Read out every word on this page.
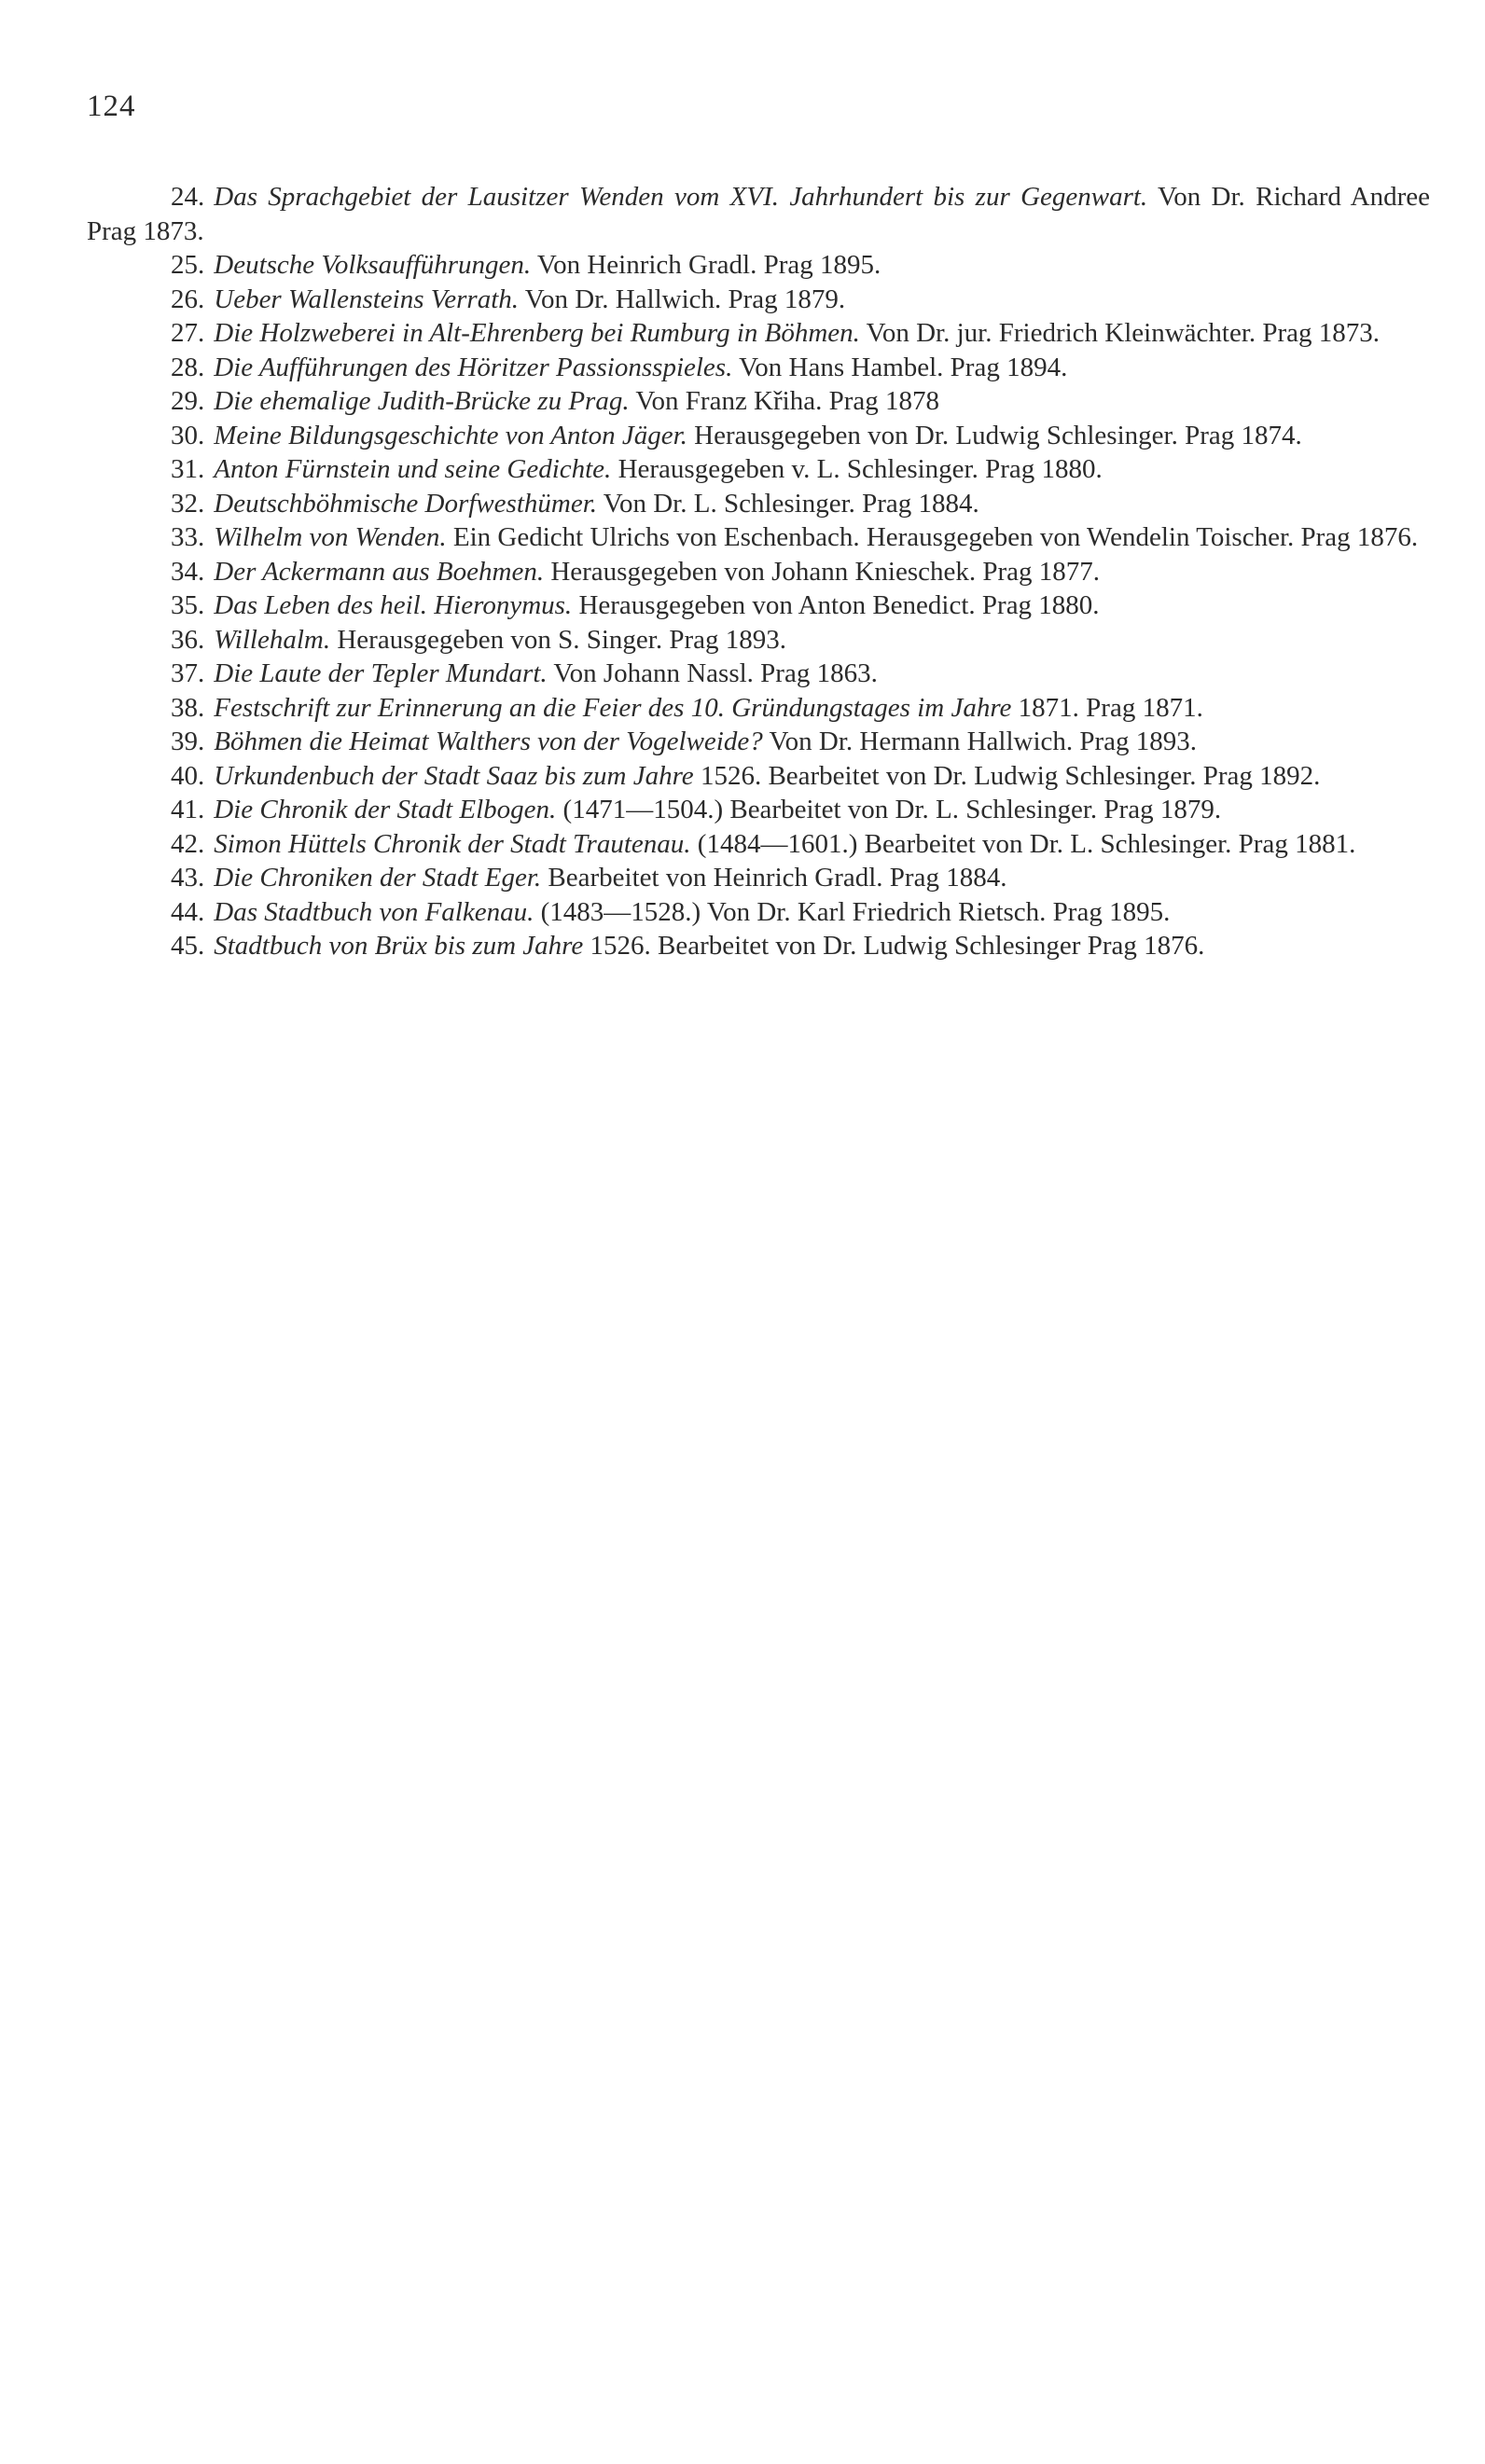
124

24. Das Sprachgebiet der Lausitzer Wenden vom XVI. Jahrhundert bis zur Gegenwart. Von Dr. Richard Andree Prag 1873.

25. Deutsche Volksaufführungen. Von Heinrich Gradl. Prag 1895.

26. Ueber Wallensteins Verrath. Von Dr. Hallwich. Prag 1879.

27. Die Holzweberei in Alt-Ehrenberg bei Rumburg in Böhmen. Von Dr. jur. Friedrich Kleinwächter. Prag 1873.

28. Die Aufführungen des Höritzer Passionsspieles. Von Hans Hambel. Prag 1894.

29. Die ehemalige Judith-Brücke zu Prag. Von Franz Křiha. Prag 1878

30. Meine Bildungsgeschichte von Anton Jäger. Herausgegeben von Dr. Ludwig Schlesinger. Prag 1874.

31. Anton Fürnstein und seine Gedichte. Herausgegeben v. L. Schlesinger. Prag 1880.

32. Deutschböhmische Dorfwesthümer. Von Dr. L. Schlesinger. Prag 1884.

33. Wilhelm von Wenden. Ein Gedicht Ulrichs von Eschenbach. Herausgegeben von Wendelin Toischer. Prag 1876.

34. Der Ackermann aus Boehmen. Herausgegeben von Johann Knieschek. Prag 1877.

35. Das Leben des heil. Hieronymus. Herausgegeben von Anton Benedict. Prag 1880.

36. Willehalm. Herausgegeben von S. Singer. Prag 1893.

37. Die Laute der Tepler Mundart. Von Johann Nassl. Prag 1863.

38. Festschrift zur Erinnerung an die Feier des 10. Gründungstages im Jahre 1871. Prag 1871.

39. Böhmen die Heimat Walthers von der Vogelweide? Von Dr. Hermann Hallwich. Prag 1893.

40. Urkundenbuch der Stadt Saaz bis zum Jahre 1526. Bearbeitet von Dr. Ludwig Schlesinger. Prag 1892.

41. Die Chronik der Stadt Elbogen. (1471—1504.) Bearbeitet von Dr. L. Schlesinger. Prag 1879.

42. Simon Hüttels Chronik der Stadt Trautenau. (1484—1601.) Bearbeitet von Dr. L. Schlesinger. Prag 1881.

43. Die Chroniken der Stadt Eger. Bearbeitet von Heinrich Gradl. Prag 1884.

44. Das Stadtbuch von Falkenau. (1483—1528.) Von Dr. Karl Friedrich Rietsch. Prag 1895.

45. Stadtbuch von Brüx bis zum Jahre 1526. Bearbeitet von Dr. Ludwig Schlesinger Prag 1876.
